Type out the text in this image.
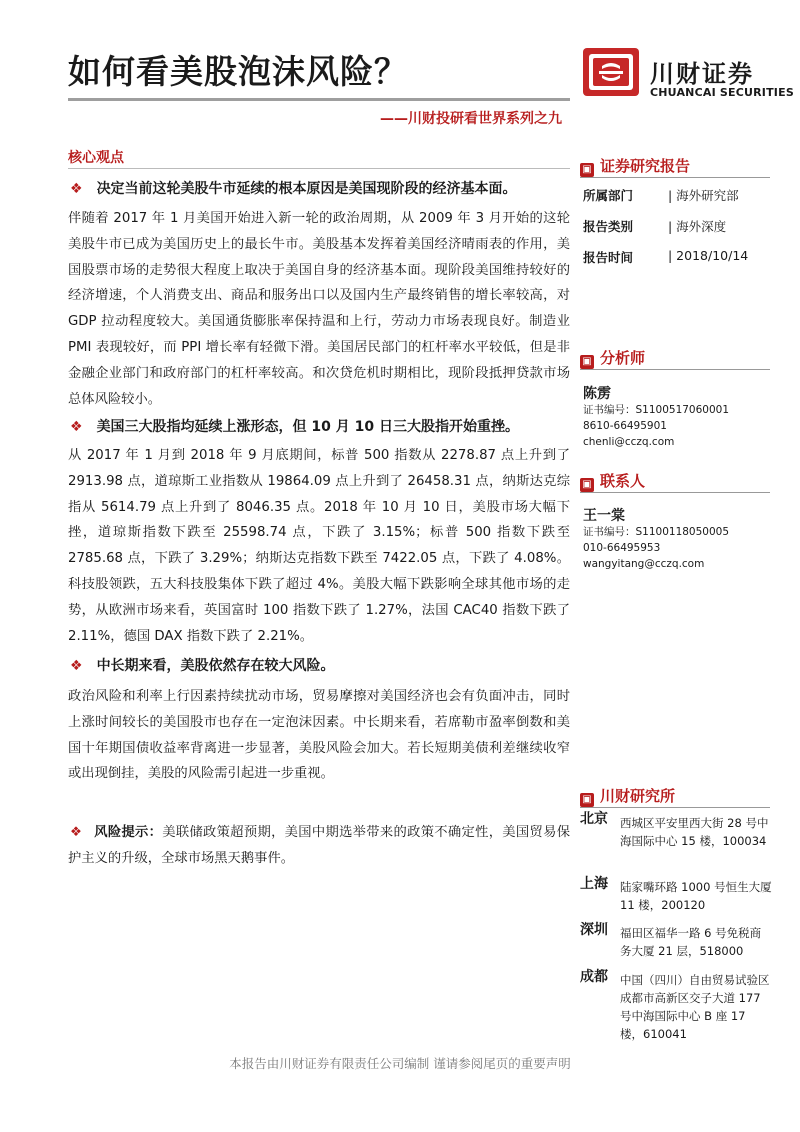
如何看美股泡沫风险？	川财证券
CHUANCAI SECURITIES
——川财投研看世界系列之九
核心观点
❖ 决定当前这轮美股牛市延续的根本原因是美国现阶段的经济基本面。
伴随着 2017 年 1 月美国开始进入新一轮的政治周期，从 2009 年 3 月开始的这轮美股牛市已成为美国历史上的最长牛市。美股基本发挥着美国经济晴雨表的作用，美国股票市场的走势很大程度上取决于美国自身的经济基本面。现阶段美国维持较好的经济增速，个人消费支出、商品和服务出口以及国内生产最终销售的增长率较高，对 GDP 拉动程度较大。美国通货膨胀率保持温和上行，劳动力市场表现良好。制造业 PMI 表现较好，而 PPI 增长率有轻微下滑。美国居民部门的杠杆率水平较低，但是非金融企业部门和政府部门的杠杆率较高。和次贷危机时期相比，现阶段抵押贷款市场总体风险较小。
❖ 美国三大股指均延续上涨形态，但 10 月 10 日三大股指开始重挫。
从 2017 年 1 月到 2018 年 9 月底期间，标普 500 指数从 2278.87 点上升到了 2913.98 点，道琼斯工业指数从 19864.09 点上升到了 26458.31 点，纳斯达克综指从 5614.79 点上升到了 8046.35 点。2018 年 10 月 10 日，美股市场大幅下挫，道琼斯指数下跌至 25598.74 点，下跌了 3.15%；标普 500 指数下跌至 2785.68 点，下跌了 3.29%；纳斯达克指数下跌至 7422.05 点，下跌了 4.08%。科技股领跌，五大科技股集体下跌了超过 4%。美股大幅下跌影响全球其他市场的走势，从欧洲市场来看，英国富时 100 指数下跌了 1.27%，法国 CAC40 指数下跌了 2.11%，德国 DAX 指数下跌了 2.21%。
❖ 中长期来看，美股依然存在较大风险。
政治风险和利率上行因素持续扰动市场，贸易摩擦对美国经济也会有负面冲击，同时上涨时间较长的美国股市也存在一定泡沫因素。中长期来看，若席勒市盈率倒数和美国十年期国债收益率背离进一步显著，美股风险会加大。若长短期美债利差继续收窄或出现倒挂，美股的风险需引起进一步重视。
❖ 风险提示：美联储政策超预期，美国中期选举带来的政策不确定性，美国贸易保护主义的升级，全球市场黑天鹅事件。
▣ 证券研究报告
所属部门	| 海外研究部
报告类别	| 海外深度
报告时间	| 2018/10/14
▣ 分析师
陈雳
证书编号：S1100517060001
8610-66495901
chenli@cczq.com
▣ 联系人
王一棠
证书编号：S1100118050005
010-66495953
wangyitang@cczq.com
▣ 川财研究所
北京 西城区平安里西大街 28 号中海国际中心 15 楼，100034
上海 陆家嘴环路 1000 号恒生大厦 11 楼，200120
深圳 福田区福华一路 6 号免税商务大厦 21 层，518000
成都 中国（四川）自由贸易试验区成都市高新区交子大道 177 号中海国际中心 B 座 17 楼，610041
本报告由川财证券有限责任公司编制 谨请参阅尾页的重要声明
